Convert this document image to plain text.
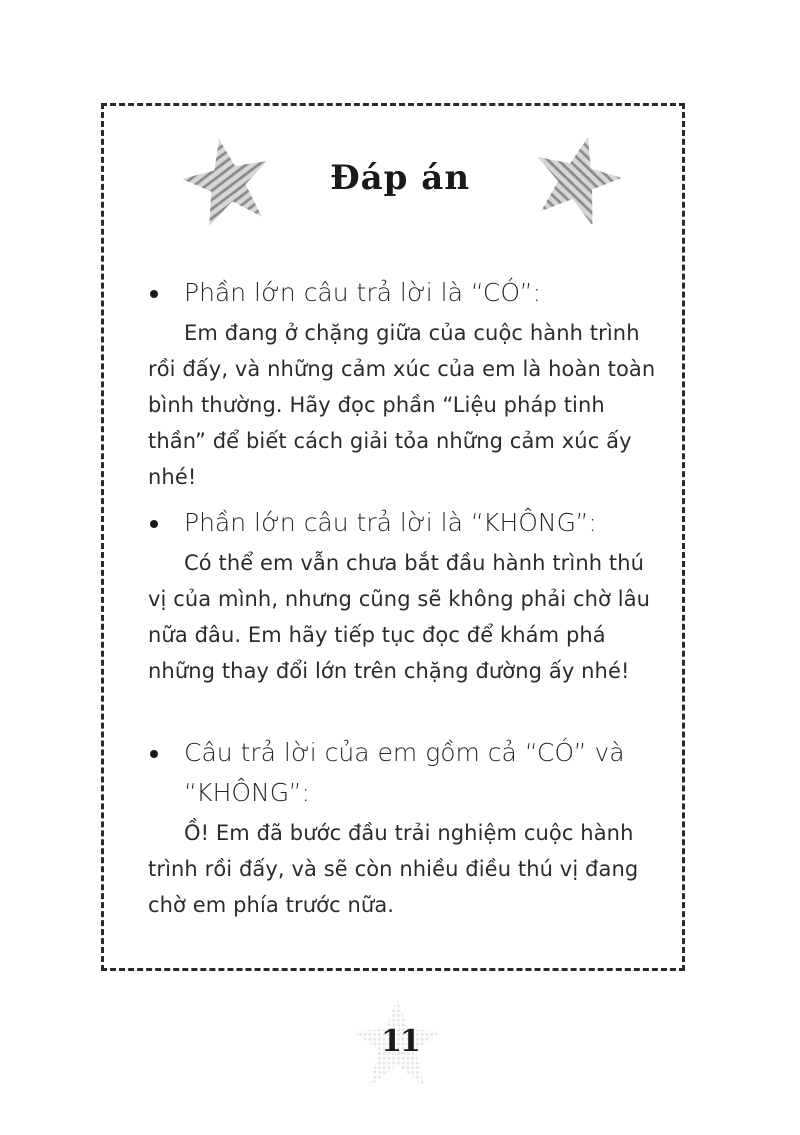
Đáp án
Phần lớn câu trả lời là “CÓ”:
Em đang ở chặng giữa của cuộc hành trình rồi đấy, và những cảm xúc của em là hoàn toàn bình thường. Hãy đọc phần “Liệu pháp tinh thần” để biết cách giải tỏa những cảm xúc ấy nhé!
Phần lớn câu trả lời là “KHÔNG”:
Có thể em vẫn chưa bắt đầu hành trình thú vị của mình, nhưng cũng sẽ không phải chờ lâu nữa đâu. Em hãy tiếp tục đọc để khám phá những thay đổi lớn trên chặng đường ấy nhé!
Câu trả lời của em gồm cả “CÓ” và “KHÔNG”:
Ồ! Em đã bước đầu trải nghiệm cuộc hành trình rồi đấy, và sẽ còn nhiều điều thú vị đang chờ em phía trước nữa.
11
